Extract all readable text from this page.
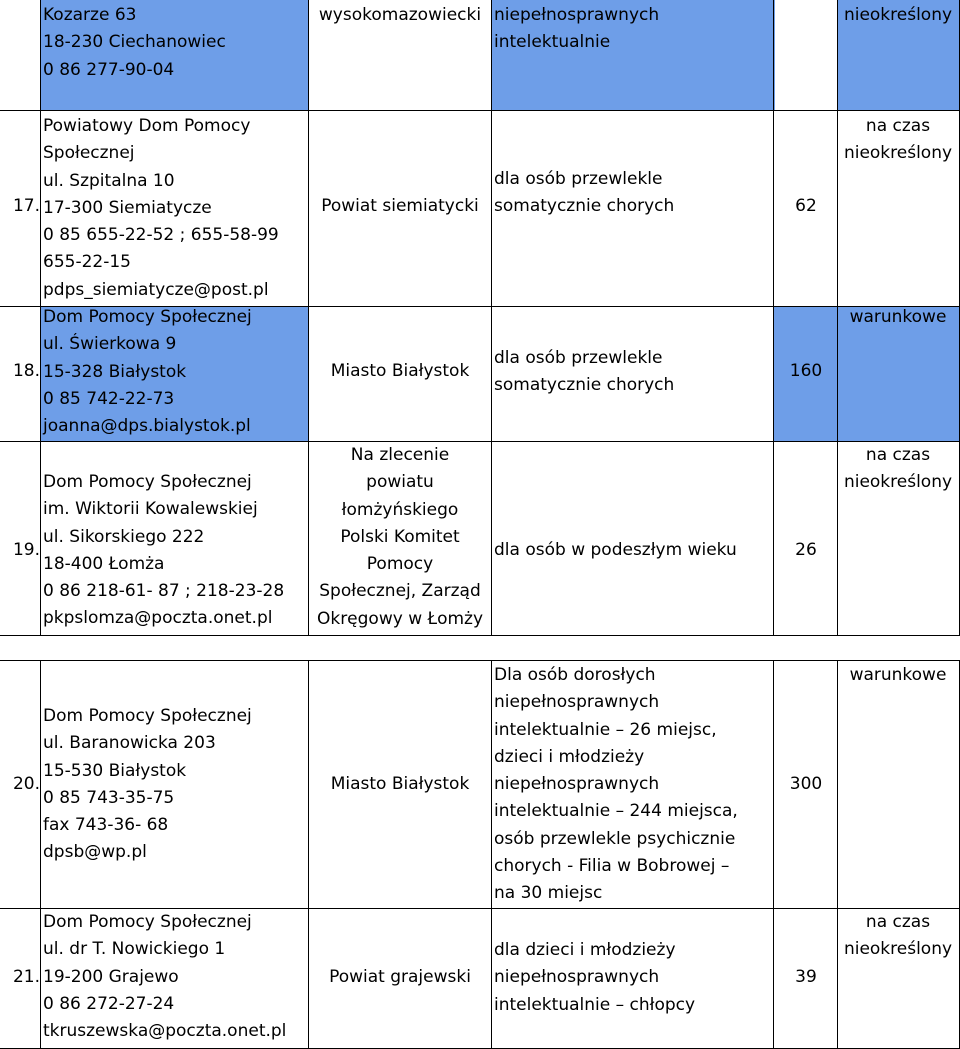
Kozarze 63
18-230 Ciechanowiec
0 86 277-90-04
wysokomazowiecki niepełnosprawnych
intelektualnie
nieokreślony
17.
Powiatowy Dom Pomocy
Społecznej
ul. Szpitalna 10
17-300 Siemiatycze
0 85 655-22-52 ; 655-58-99
655-22-15
pdps_siemiatycze@post.pl
Powiat siemiatycki
dla osób przewlekle
somatycznie chorych	62
na czas
nieokreślony
18.
Dom Pomocy Społecznej
ul. Świerkowa 9
15-328 Białystok
0 85 742-22-73
joanna@dps.bialystok.pl
Miasto Białystok
dla osób przewlekle
somatycznie chorych
160
warunkowe
19.
Dom Pomocy Społecznej
im. Wiktorii Kowalewskiej
ul. Sikorskiego 222
18-400 Łomża
0 86 218-61- 87 ; 218-23-28
pkpslomza@poczta.onet.pl
Na zlecenie
powiatu
łomżyńskiego
Polski Komitet
Pomocy
Społecznej, Zarząd
Okręgowy w Łomży
dla osób w podeszłym wieku	26
na czas
nieokreślony
20.
Dom Pomocy Społecznej
ul. Baranowicka 203
15-530 Białystok
0 85 743-35-75
fax 743-36- 68
dpsb@wp.pl
Miasto Białystok
Dla osób dorosłych
niepełnosprawnych
intelektualnie – 26 miejsc,
dzieci i młodzieży
niepełnosprawnych
intelektualnie – 244 miejsca,
osób przewlekle psychicznie
chorych - Filia w Bobrowej –
na 30 miejsc
300
warunkowe
21.
Dom Pomocy Społecznej
ul. dr T. Nowickiego 1
19-200 Grajewo
0 86 272-27-24
tkruszewska@poczta.onet.pl
Powiat grajewski
dla dzieci i młodzieży
niepełnosprawnych
intelektualnie – chłopcy
39
na czas
nieokreślony
